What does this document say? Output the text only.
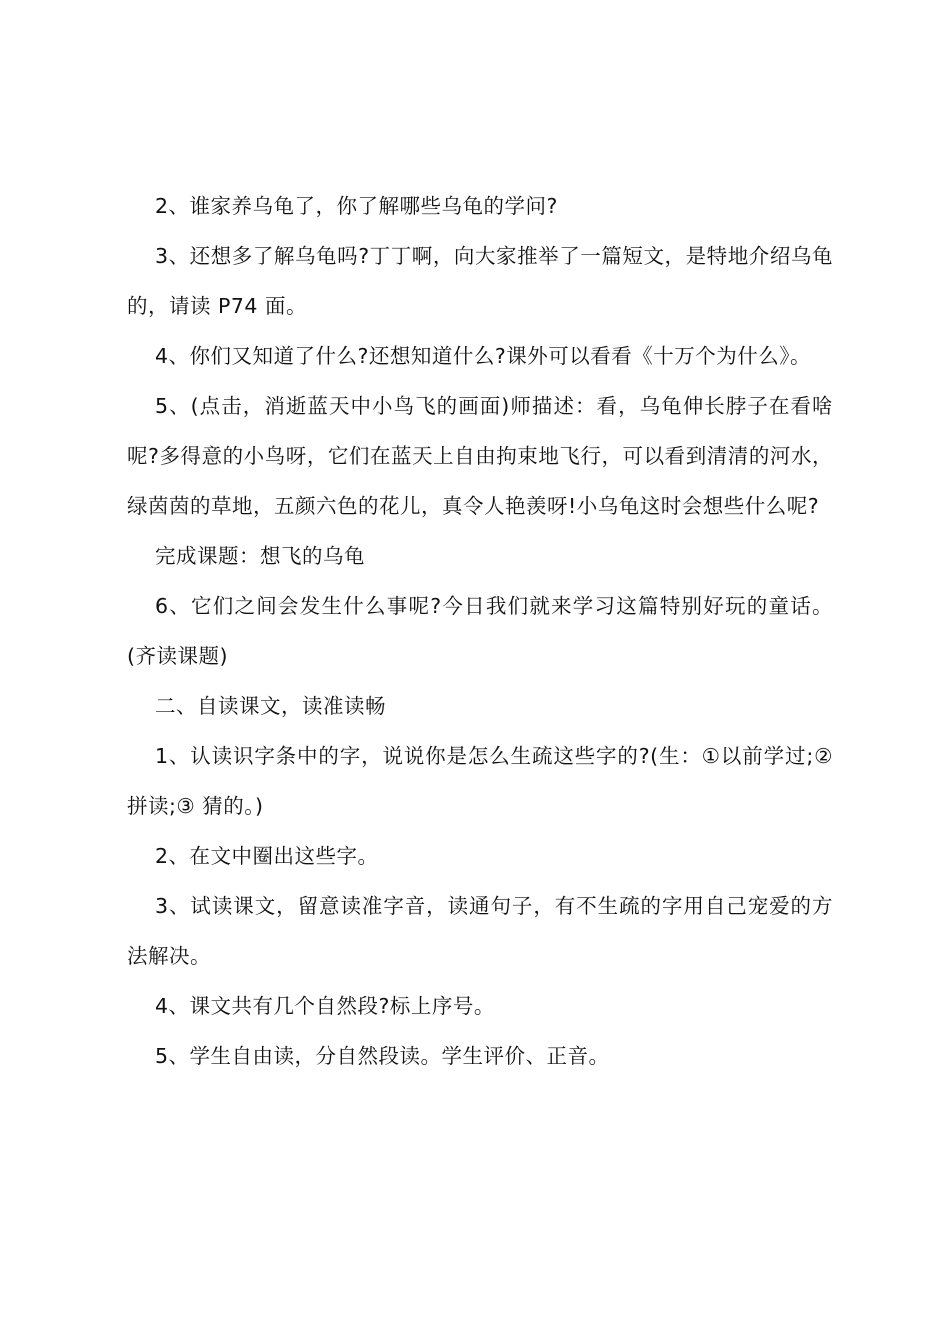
2、谁家养乌龟了，你了解哪些乌龟的学问?

3、还想多了解乌龟吗?丁丁啊，向大家推举了一篇短文，是特地介绍乌龟的，请读 P74 面。

4、你们又知道了什么?还想知道什么?课外可以看看《十万个为什么》。

5、(点击，消逝蓝天中小鸟飞的画面)师描述：看，乌龟伸长脖子在看啥呢?多得意的小鸟呀，它们在蓝天上自由拘束地飞行，可以看到清清的河水，绿茵茵的草地，五颜六色的花儿，真令人艳羡呀!小乌龟这时会想些什么呢?

完成课题：想飞的乌龟

6、它们之间会发生什么事呢?今日我们就来学习这篇特别好玩的童话。(齐读课题)

二、自读课文，读准读畅

1、认读识字条中的字，说说你是怎么生疏这些字的?(生：①以前学过;② 拼读;③ 猜的。)

2、在文中圈出这些字。

3、试读课文，留意读准字音，读通句子，有不生疏的字用自己宠爱的方法解决。

4、课文共有几个自然段?标上序号。

5、学生自由读，分自然段读。学生评价、正音。
